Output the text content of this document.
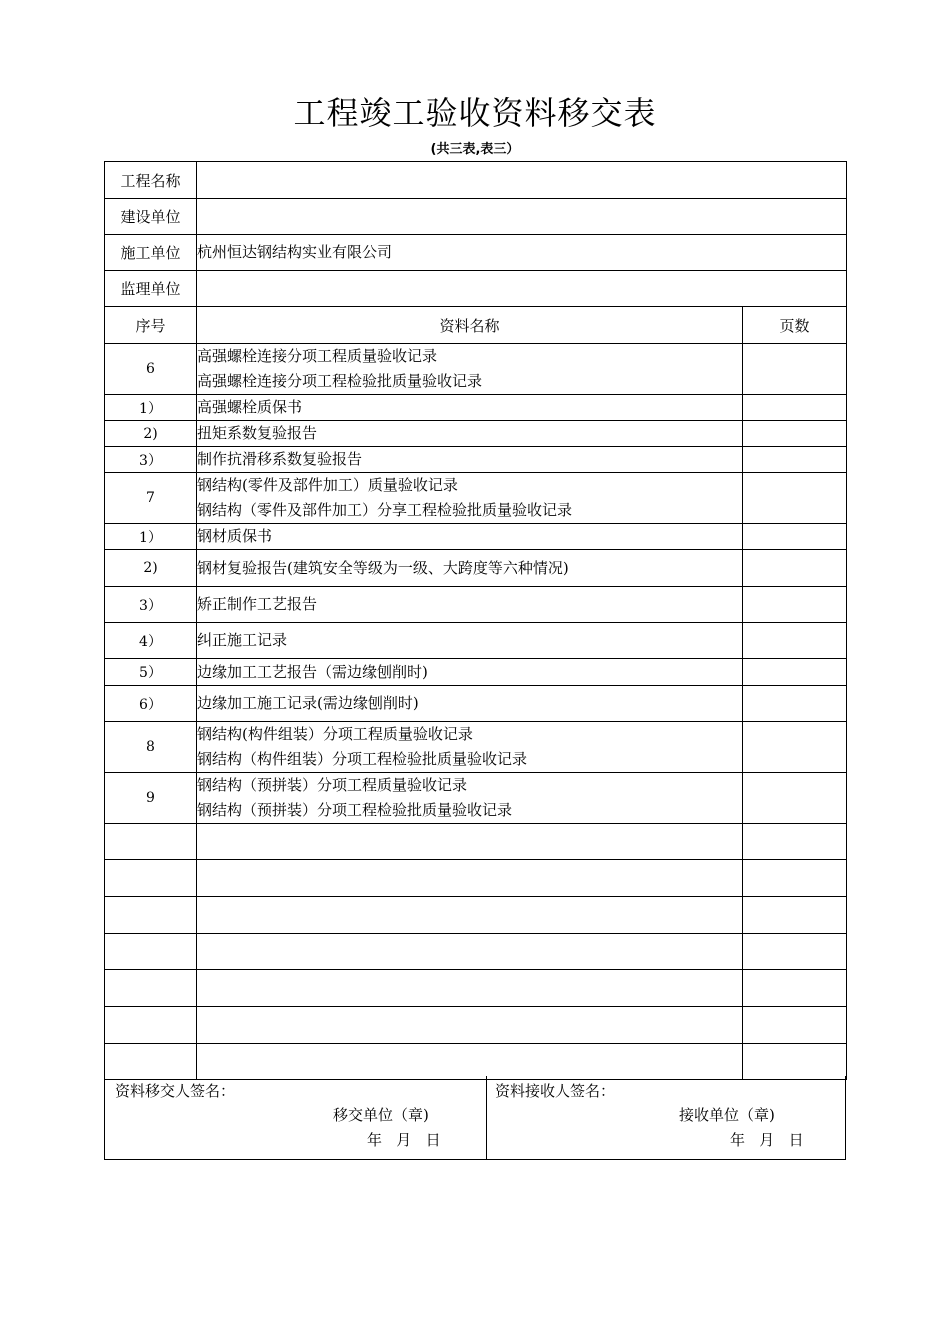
工程竣工验收资料移交表
(共三表,表三）
工程名称		
建设单位		
施工单位	杭州恒达钢结构实业有限公司	
监理单位		
序号	资料名称	页数
6	高强螺栓连接分项工程质量验收记录
高强螺栓连接分项工程检验批质量验收记录	

1）	高强螺栓质保书	
2)	扭矩系数复验报告	
3）	制作抗滑移系数复验报告	
7	钢结构(零件及部件加工）质量验收记录
钢结构（零件及部件加工）分享工程检验批质量验收记录	

1）	钢材质保书	
2)	钢材复验报告(建筑安全等级为一级、大跨度等六种情况)	
3）	矫正制作工艺报告	
4）	纠正施工记录	
5）	边缘加工工艺报告（需边缘刨削时)	
6）	边缘加工施工记录(需边缘刨削时)	
8	钢结构(构件组装）分项工程质量验收记录
钢结构（构件组装）分项工程检验批质量验收记录	

9	钢结构（预拼装）分项工程质量验收记录
钢结构（预拼装）分项工程检验批质量验收记录	

资料移交人签名：
移交单位（章)
年   月   日
资料接收人签名：
接收单位（章)
年   月   日
